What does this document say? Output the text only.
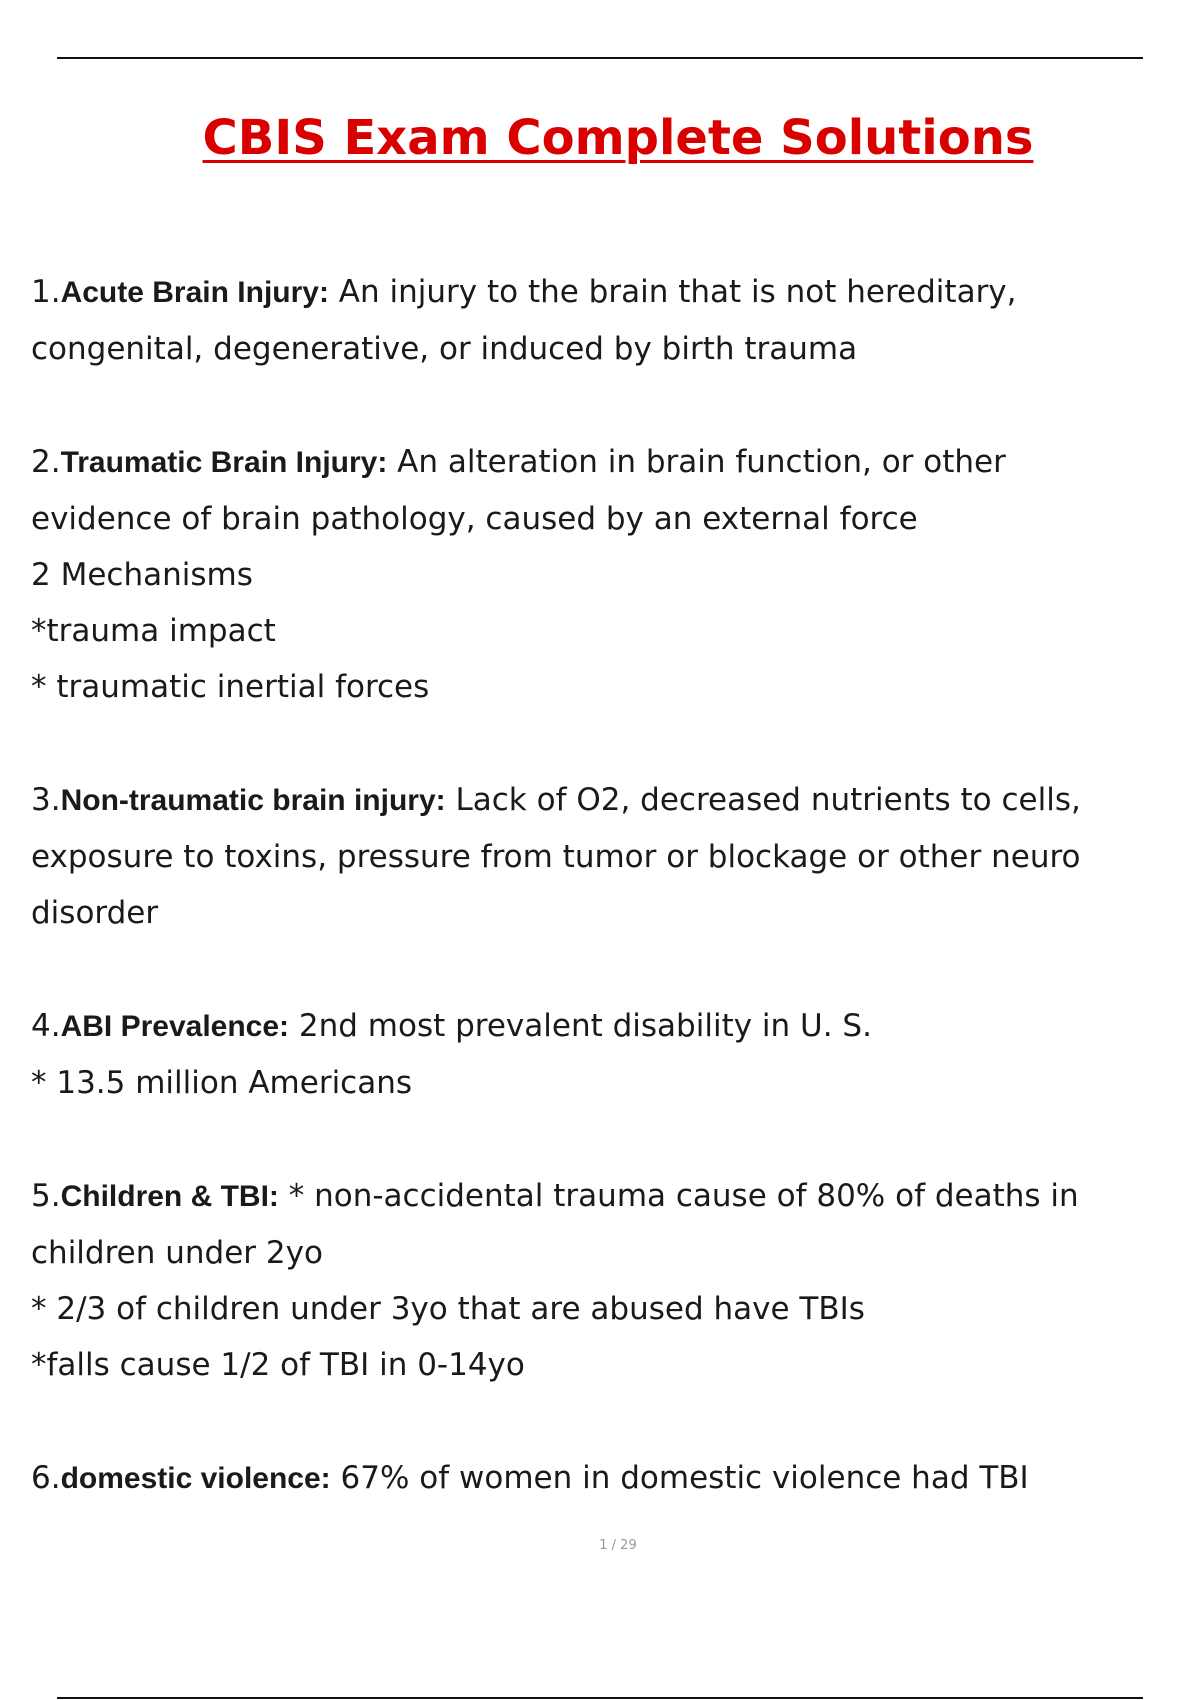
CBIS Exam Complete Solutions
1.Acute Brain Injury: An injury to the brain that is not hereditary,
congenital, degenerative, or induced by birth trauma
2.Traumatic Brain Injury: An alteration in brain function, or other
evidence of brain pathology, caused by an external force
2 Mechanisms
*trauma impact
* traumatic inertial forces
3.Non-traumatic brain injury: Lack of O2, decreased nutrients to cells,
exposure to toxins, pressure from tumor or blockage or other neuro
disorder
4.ABI Prevalence: 2nd most prevalent disability in U. S.
* 13.5 million Americans
5.Children & TBI: * non-accidental trauma cause of 80% of deaths in
children under 2yo
* 2/3 of children under 3yo that are abused have TBIs
*falls cause 1/2 of TBI in 0-14yo
6.domestic violence: 67% of women in domestic violence had TBI
1 / 29
